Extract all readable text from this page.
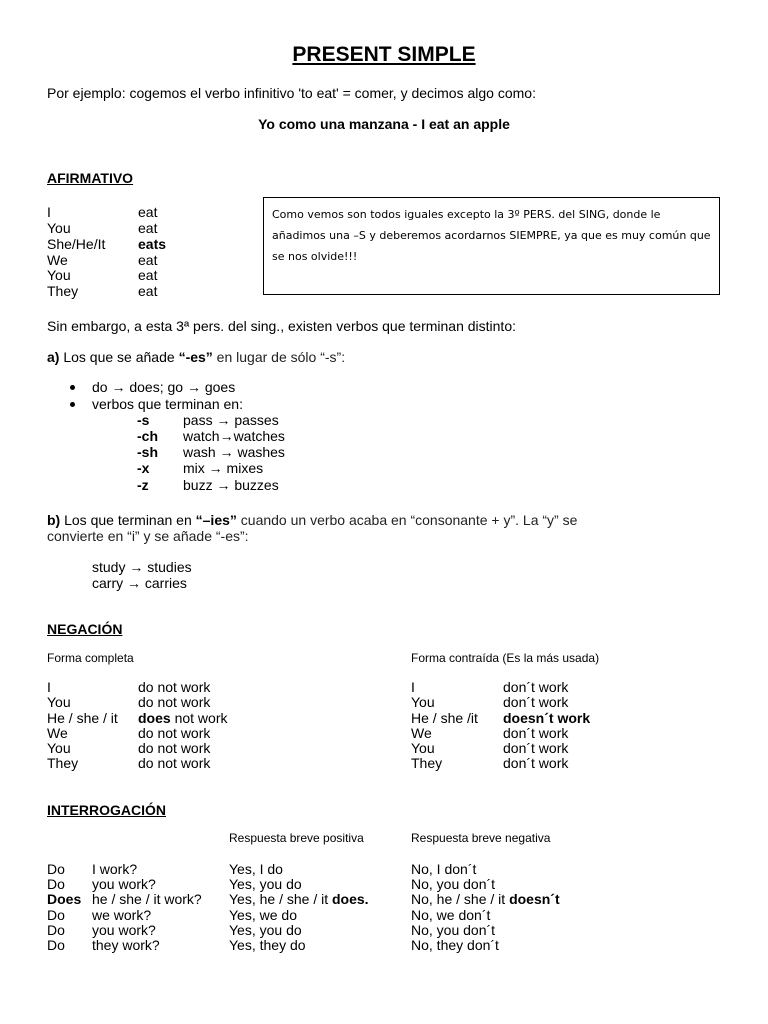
PRESENT SIMPLE
Por ejemplo: cogemos el verbo infinitivo 'to eat' = comer, y decimos algo como:
Yo como una manzana - I eat an apple
AFIRMATIVO
I	eat
You	eat
She/He/It eats
We	eat
You	eat
They	eat
Como vemos son todos iguales excepto la 3º PERS. del SING, donde le añadimos una –S y deberemos acordarnos SIEMPRE, ya que es muy común que se nos olvide!!!
Sin embargo, a esta 3ª pers. del sing., existen verbos que terminan distinto:
a) Los que se añade “-es” en lugar de sólo “-s”:
do → does; go → goes
verbos que terminan en:
-s pass → passes
-ch watch→watches
-sh wash → washes
-x mix → mixes
-z buzz → buzzes
b) Los que terminan en “–ies” cuando un verbo acaba en “consonante + y”. La “y” se
convierte en “i” y se añade “-es”:
study → studies
carry → carries
NEGACIÓN
Forma completa	Forma contraída (Es la más usada)
I	do not work	I	don´t work
You	do not work	You	don´t work
He / she / it does not work	He / she /it doesn´t work
We	do not work	We	don´t work
You	do not work	You	don´t work
They	do not work	They	don´t work
INTERROGACIÓN
Respuesta breve positiva	Respuesta breve negativa
Do I work?	Yes, I do	No, I don´t
Do you work?	Yes, you do	No, you don´t
Does he / she / it work? Yes, he / she / it does.	No, he / she / it doesn´t
Do we work?	Yes, we do	No, we don´t
Do you work?	Yes, you do	No, you don´t
Do they work?	Yes, they do	No, they don´t
